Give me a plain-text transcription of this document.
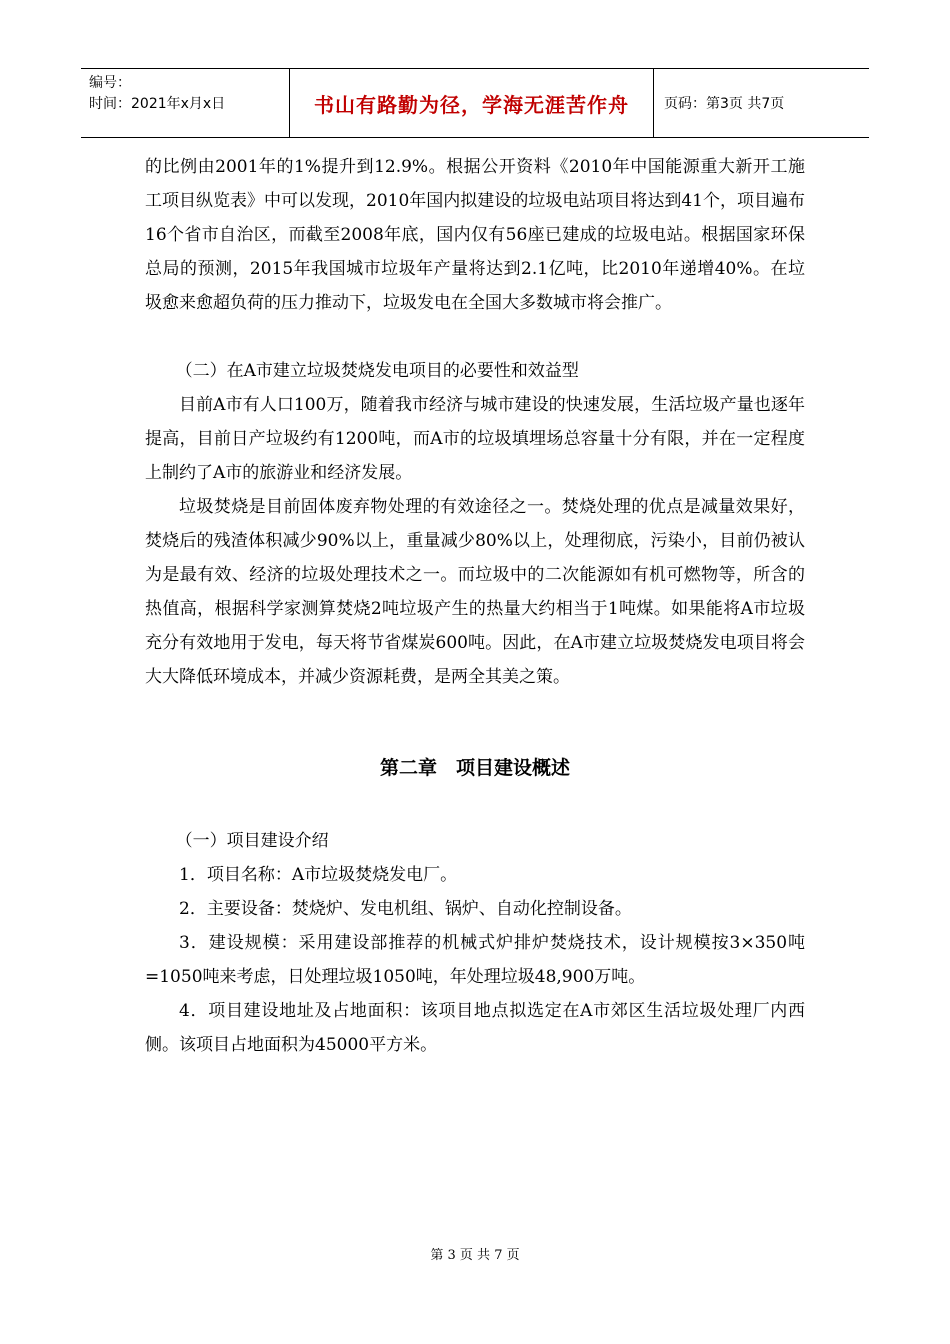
编号：
时间：2021年x月x日	书山有路勤为径，学海无涯苦作舟	页码：第3页 共7页

的比例由2001年的1%提升到12.9%。根据公开资料《2010年中国能源重大新开工施工项目纵览表》中可以发现，2010年国内拟建设的垃圾电站项目将达到41个，项目遍布16个省市自治区，而截至2008年底，国内仅有56座已建成的垃圾电站。根据国家环保总局的预测，2015年我国城市垃圾年产量将达到2.1亿吨，比2010年递增40%。在垃圾愈来愈超负荷的压力推动下，垃圾发电在全国大多数城市将会推广。

（二）在A市建立垃圾焚烧发电项目的必要性和效益型

目前A市有人口100万，随着我市经济与城市建设的快速发展，生活垃圾产量也逐年提高，目前日产垃圾约有1200吨，而A市的垃圾填埋场总容量十分有限，并在一定程度上制约了A市的旅游业和经济发展。

垃圾焚烧是目前固体废弃物处理的有效途径之一。焚烧处理的优点是减量效果好，焚烧后的残渣体积减少90%以上，重量减少80%以上，处理彻底，污染小，目前仍被认为是最有效、经济的垃圾处理技术之一。而垃圾中的二次能源如有机可燃物等，所含的热值高，根据科学家测算焚烧2吨垃圾产生的热量大约相当于1吨煤。如果能将A市垃圾充分有效地用于发电，每天将节省煤炭600吨。因此，在A市建立垃圾焚烧发电项目将会大大降低环境成本，并减少资源耗费，是两全其美之策。

第二章　项目建设概述

（一）项目建设介绍

1．项目名称：A市垃圾焚烧发电厂。

2．主要设备：焚烧炉、发电机组、锅炉、自动化控制设备。

3．建设规模：采用建设部推荐的机械式炉排炉焚烧技术，设计规模按3×350吨=1050吨来考虑，日处理垃圾1050吨，年处理垃圾48,900万吨。

4．项目建设地址及占地面积：该项目地点拟选定在A市郊区生活垃圾处理厂内西侧。该项目占地面积为45000平方米。

第 3 页 共 7 页
